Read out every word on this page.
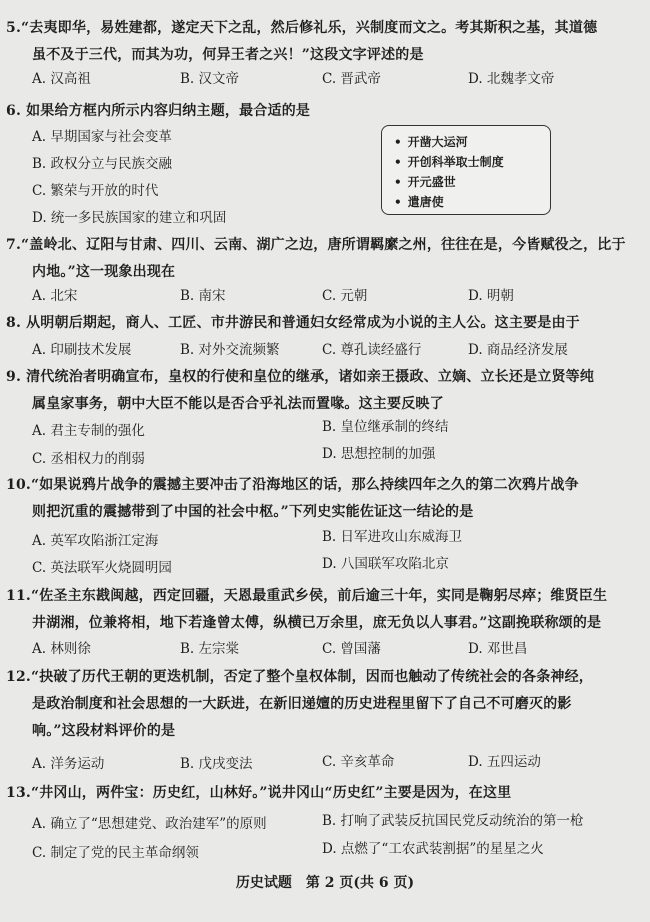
5.“去夷即华，易姓建都，遂定天下之乱，然后修礼乐，兴制度而文之。考其斯积之基，其道德
虽不及于三代，而其为功，何异王者之兴！”这段文字评述的是
A. 汉高祖	B. 汉文帝	C. 晋武帝	D. 北魏孝文帝
6. 如果给方框内所示内容归纳主题，最合适的是
A. 早期国家与社会变革
B. 政权分立与民族交融
C. 繁荣与开放的时代
D. 统一多民族国家的建立和巩固
• 开凿大运河
• 开创科举取士制度
• 开元盛世
• 遣唐使
7.“盖岭北、辽阳与甘肃、四川、云南、湖广之边，唐所谓羁縻之州，往往在是，今皆赋役之，比于
内地。”这一现象出现在
A. 北宋	B. 南宋	C. 元朝	D. 明朝
8. 从明朝后期起，商人、工匠、市井游民和普通妇女经常成为小说的主人公。这主要是由于
A. 印刷技术发展	B. 对外交流频繁	C. 尊孔读经盛行	D. 商品经济发展
9. 清代统治者明确宣布，皇权的行使和皇位的继承，诸如亲王摄政、立嫡、立长还是立贤等纯
属皇家事务，朝中大臣不能以是否合乎礼法而置喙。这主要反映了
A. 君主专制的强化	B. 皇位继承制的终结
C. 丞相权力的削弱	D. 思想控制的加强
10.“如果说鸦片战争的震撼主要冲击了沿海地区的话，那么持续四年之久的第二次鸦片战争
则把沉重的震撼带到了中国的社会中枢。”下列史实能佐证这一结论的是
A. 英军攻陷浙江定海	B. 日军进攻山东威海卫
C. 英法联军火烧圆明园	D. 八国联军攻陷北京
11.“佐圣主东戡闽越，西定回疆，天恩最重武乡侯，前后逾三十年，实同是鞠躬尽瘁；维贤臣生
井湖湘，位兼将相，地下若逢曾太傅，纵横已万余里，庶无负以人事君。”这副挽联称颂的是
A. 林则徐	B. 左宗棠	C. 曾国藩	D. 邓世昌
12.“抉破了历代王朝的更迭机制，否定了整个皇权体制，因而也触动了传统社会的各条神经，
是政治制度和社会思想的一大跃进，在新旧递嬗的历史进程里留下了自己不可磨灭的影
响。”这段材料评价的是
A. 洋务运动	B. 戊戌变法	C. 辛亥革命	D. 五四运动
13.“井冈山，两件宝：历史红，山林好。”说井冈山“历史红”主要是因为，在这里
A. 确立了“思想建党、政治建军”的原则	B. 打响了武装反抗国民党反动统治的第一枪
C. 制定了党的民主革命纲领	D. 点燃了“工农武装割据”的星星之火
历史试题　第 2 页(共 6 页)
